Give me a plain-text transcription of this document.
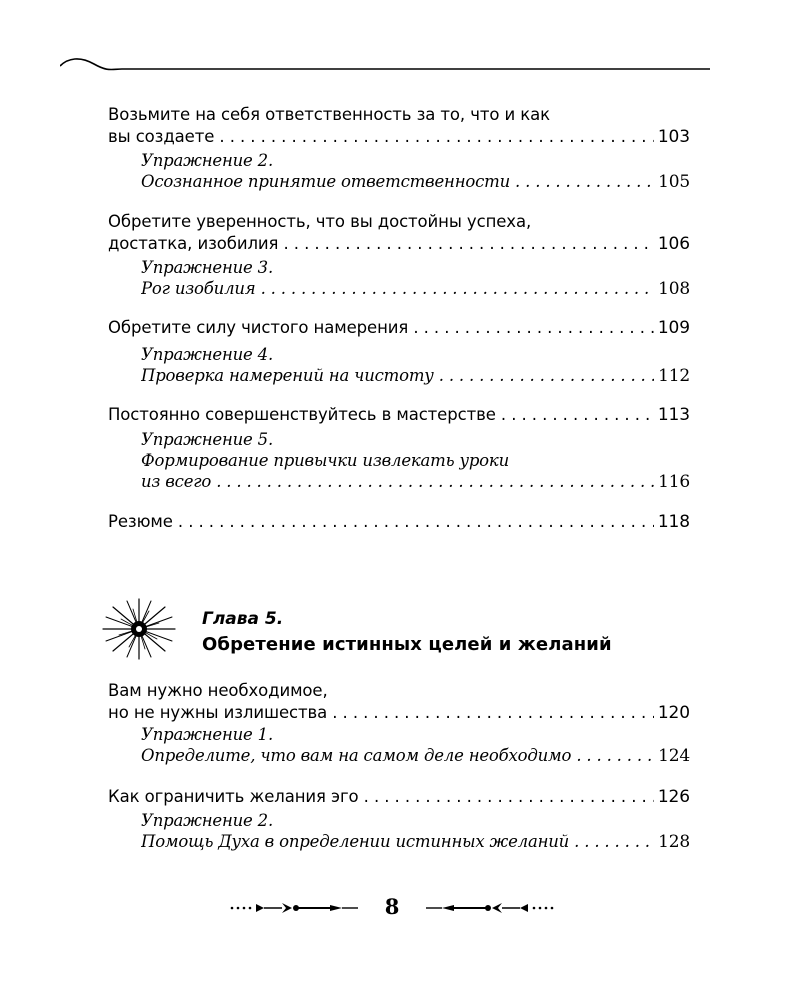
Возьмите на себя ответственность за то, что и как
вы создаете . . .	103
Упражнение 2.
Осознанное принятие ответственности . . .	105
Обретите уверенность, что вы достойны успеха,
достатка, изобилия . . .	106
Упражнение 3.
Рог изобилия . . .	108
Обретите силу чистого намерения . . .	109
Упражнение 4.
Проверка намерений на чистоту . . .	112
Постоянно совершенствуйтесь в мастерстве . . .	113
Упражнение 5.
Формирование привычки извлекать уроки
из всего . . .	116
Резюме . . .	118
Глава 5.
Обретение истинных целей и желаний
Вам нужно необходимое,
но не нужны излишества . . .	120
Упражнение 1.
Определите, что вам на самом деле необходимо . . .	124
Как ограничить желания эго . . .	126
Упражнение 2.
Помощь Духа в определении истинных желаний . . .	128
8
